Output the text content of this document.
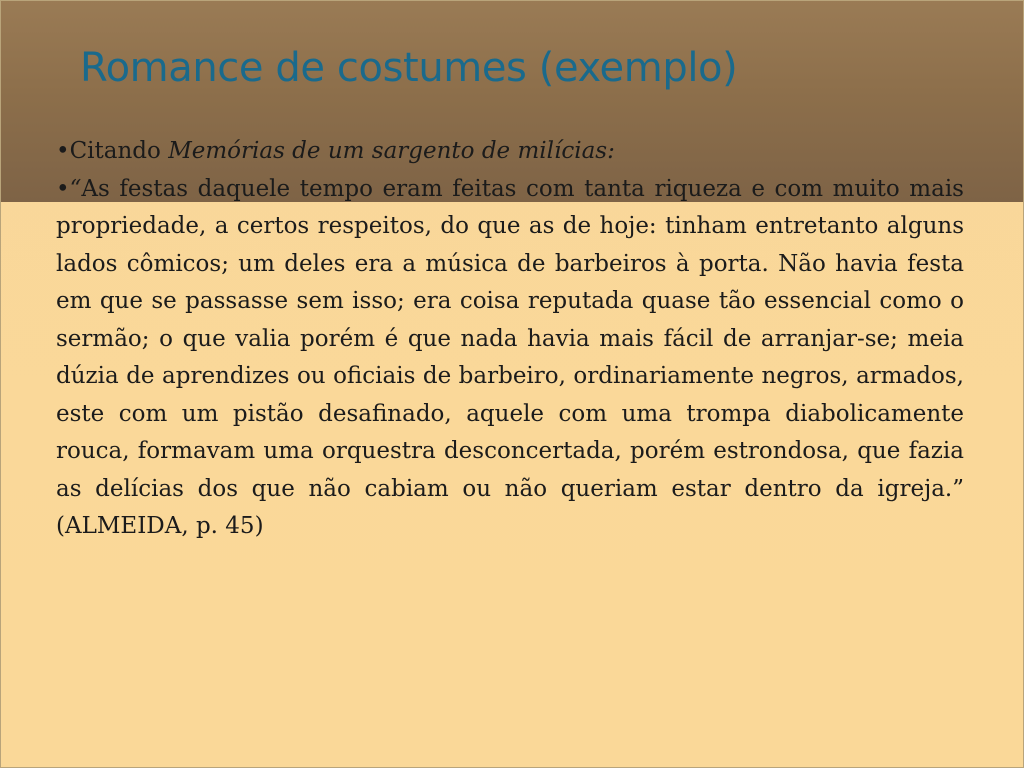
Romance de costumes (exemplo)

•Citando Memórias de um sargento de milícias:

•“As festas daquele tempo eram feitas com tanta riqueza e com muito mais propriedade, a certos respeitos, do que as de hoje: tinham entretanto alguns lados cômicos; um deles era a música de barbeiros à porta. Não havia festa em que se passasse sem isso; era coisa reputada quase tão essencial como o sermão; o que valia porém é que nada havia mais fácil de arranjar-se; meia dúzia de aprendizes ou oficiais de barbeiro, ordinariamente negros, armados, este com um pistão desafinado, aquele com uma trompa diabolicamente rouca, formavam uma orquestra desconcertada, porém estrondosa, que fazia as delícias dos que não cabiam ou não queriam estar dentro da igreja.” (ALMEIDA, p. 45)
